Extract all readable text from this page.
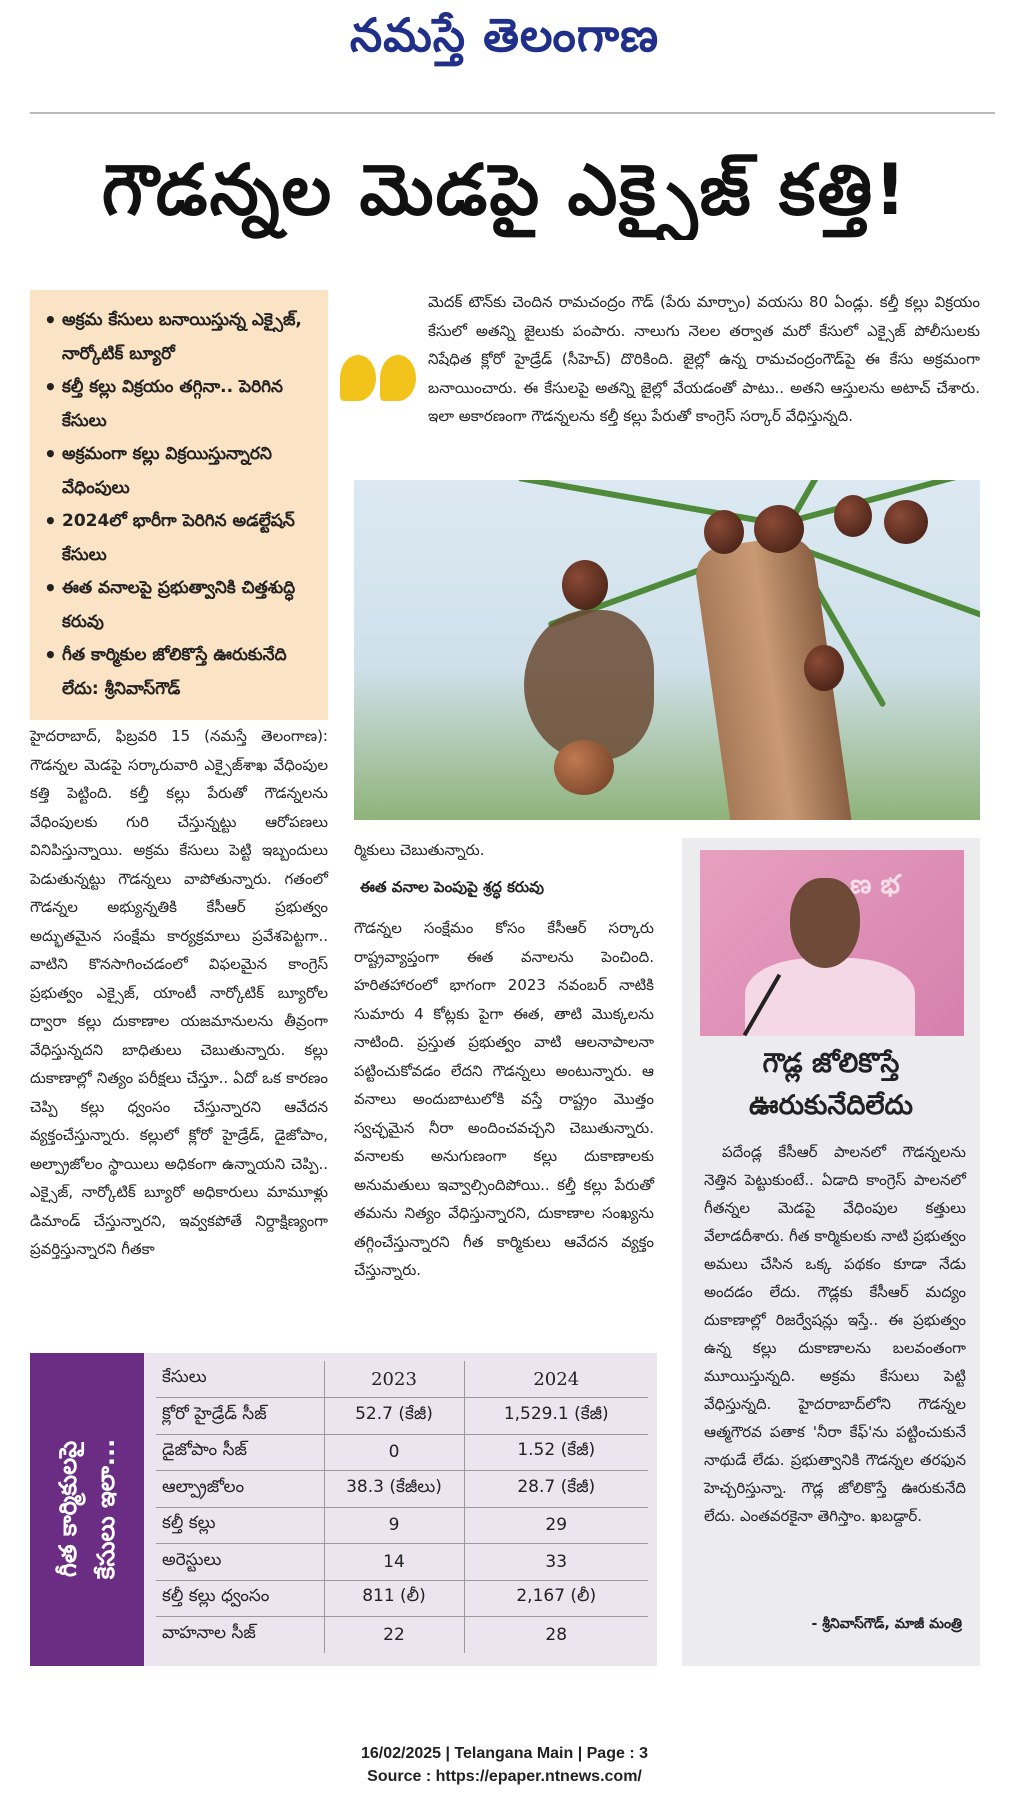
నమస్తే తెలంగాణ
గౌడన్నల మెడపై ఎక్సైజ్ కత్తి!
• అక్రమ కేసులు బనాయిస్తున్న ఎక్సైజ్, నార్కోటిక్ బ్యూరో
• కల్తీ కల్లు విక్రయం తగ్గినా.. పెరిగిన కేసులు
• అక్రమంగా కల్లు విక్రయిస్తున్నారని వేధింపులు
• 2024లో భారీగా పెరిగిన అడల్టేషన్ కేసులు
• ఈత వనాలపై ప్రభుత్వానికి చిత్తశుద్ధి కరువు
• గీత కార్మికుల జోలికొస్తే ఊరుకునేది లేదు: శ్రీనివాస్‌గౌడ్

మెదక్ టౌన్‌కు చెందిన రామచంద్రం గౌడ్ (పేరు మార్చాం) వయసు 80 ఏండ్లు. కల్తీ కల్లు విక్రయం కేసులో అతన్ని జైలుకు పంపారు. నాలుగు నెలల తర్వాత మరో కేసులో ఎక్సైజ్ పోలీసులకు నిషేధిత క్లోరో హైడ్రేడ్ (సీహెచ్) దొరికింది. జైల్లో ఉన్న రామచంద్రంగౌడ్‌పై ఈ కేసు అక్రమంగా బనాయించారు. ఈ కేసులపై అతన్ని జైల్లో వేయడంతో పాటు.. అతని ఆస్తులను అటాచ్ చేశారు. ఇలా అకారణంగా గౌడన్నలను కల్తీ కల్లు పేరుతో కాంగ్రెస్ సర్కార్ వేధిస్తున్నది.

హైదరాబాద్, ఫిబ్రవరి 15 (నమస్తే తెలంగాణ): గౌడన్నల మెడపై సర్కారువారి ఎక్సైజ్‌శాఖ వేధింపుల కత్తి పెట్టింది. కల్తీ కల్లు పేరుతో గౌడన్నలను వేధింపులకు గురి చేస్తున్నట్టు ఆరోపణలు వినిపిస్తున్నాయి. అక్రమ కేసులు పెట్టి ఇబ్బందులు పెడుతున్నట్టు గౌడన్నలు వాపోతున్నారు. గతంలో గౌడన్నల అభ్యున్నతికి కేసీఆర్ ప్రభుత్వం అద్భుతమైన సంక్షేమ కార్యక్రమాలు ప్రవేశపెట్టగా.. వాటిని కొనసాగించడంలో విఫలమైన కాంగ్రెస్ ప్రభుత్వం ఎక్సైజ్, యాంటీ నార్కోటిక్ బ్యూరోల ద్వారా కల్లు దుకాణాల యజమానులను తీవ్రంగా వేధిస్తున్నదని బాధితులు చెబుతున్నారు. కల్లు దుకాణాల్లో నిత్యం పరీక్షలు చేస్తూ.. ఏదో ఒక కారణం చెప్పి కల్లు ధ్వంసం చేస్తున్నారని ఆవేదన వ్యక్తంచేస్తున్నారు. కల్లులో క్లోరో హైడ్రేడ్, డైజోపాం, అల్ప్రాజోలం స్థాయిలు అధికంగా ఉన్నాయని చెప్పి.. ఎక్సైజ్, నార్కోటిక్ బ్యూరో అధికారులు మామూళ్లు డిమాండ్ చేస్తున్నారని, ఇవ్వకపోతే నిర్దాక్షిణ్యంగా ప్రవర్తిస్తున్నారని గీతకా

ర్మికులు చెబుతున్నారు.

ఈత వనాల పెంపుపై శ్రద్ధ కరువు

గౌడన్నల సంక్షేమం కోసం కేసీఆర్ సర్కారు రాష్ట్రవ్యాప్తంగా ఈత వనాలను పెంచింది. హరితహారంలో భాగంగా 2023 నవంబర్ నాటికి సుమారు 4 కోట్లకు పైగా ఈత, తాటి మొక్కలను నాటింది. ప్రస్తుత ప్రభుత్వం వాటి ఆలనాపాలనా పట్టించుకోవడం లేదని గౌడన్నలు అంటున్నారు. ఆ వనాలు అందుబాటులోకి వస్తే రాష్ట్రం మొత్తం స్వచ్ఛమైన నీరా అందించవచ్చని చెబుతున్నారు. వనాలకు అనుగుణంగా కల్లు దుకాణాలకు అనుమతులు ఇవ్వాల్సిందిపోయి.. కల్తీ కల్లు పేరుతో తమను నిత్యం వేధిస్తున్నారని, దుకాణాల సంఖ్యను తగ్గించేస్తున్నారని గీత కార్మికులు ఆవేదన వ్యక్తం చేస్తున్నారు.

ణ భ
గౌడ్ల జోలికొస్తే ఊరుకునేదిలేదు

పదేండ్ల కేసీఆర్ పాలనలో గౌడన్నలను నెత్తిన పెట్టుకుంటే.. ఏడాది కాంగ్రెస్ పాలనలో గీతన్నల మెడపై వేధింపుల కత్తులు వేలాడదీశారు. గీత కార్మికులకు నాటి ప్రభుత్వం అమలు చేసిన ఒక్క పథకం కూడా నేడు అందడం లేదు. గౌడ్లకు కేసీఆర్ మద్యం దుకాణాల్లో రిజర్వేషన్లు ఇస్తే.. ఈ ప్రభుత్వం ఉన్న కల్లు దుకాణాలను బలవంతంగా మూయిస్తున్నది. అక్రమ కేసులు పెట్టి వేధిస్తున్నది. హైదరాబాద్‌లోని గౌడన్నల ఆత్మగౌరవ పతాక 'నీరా కేఫ్'ను పట్టించుకునే నాథుడే లేడు. ప్రభుత్వానికి గౌడన్నల తరఫున హెచ్చరిస్తున్నా. గౌడ్ల జోలికొస్తే ఊరుకునేది లేదు. ఎంతవరకైనా తెగిస్తాం. ఖబడ్దార్.

- శ్రీనివాస్‌గౌడ్, మాజీ మంత్రి
గీత కార్మికులపై కేసులు ఇలా...
కేసులు	2023	2024
క్లోరో హైడ్రేడ్ సీజ్	52.7 (కేజీ)	1,529.1 (కేజీ)
డైజోపాం సీజ్	0	1.52 (కేజీ)
ఆల్ప్రాజోలం	38.3 (కేజీలు)	28.7 (కేజీ)
కల్తీ కల్లు	9	29
అరెస్టులు	14	33
కల్తీ కల్లు ధ్వంసం	811 (లీ)	2,167 (లీ)
వాహనాల సీజ్	22	28
16/02/2025 | Telangana Main | Page : 3
Source : https://epaper.ntnews.com/
